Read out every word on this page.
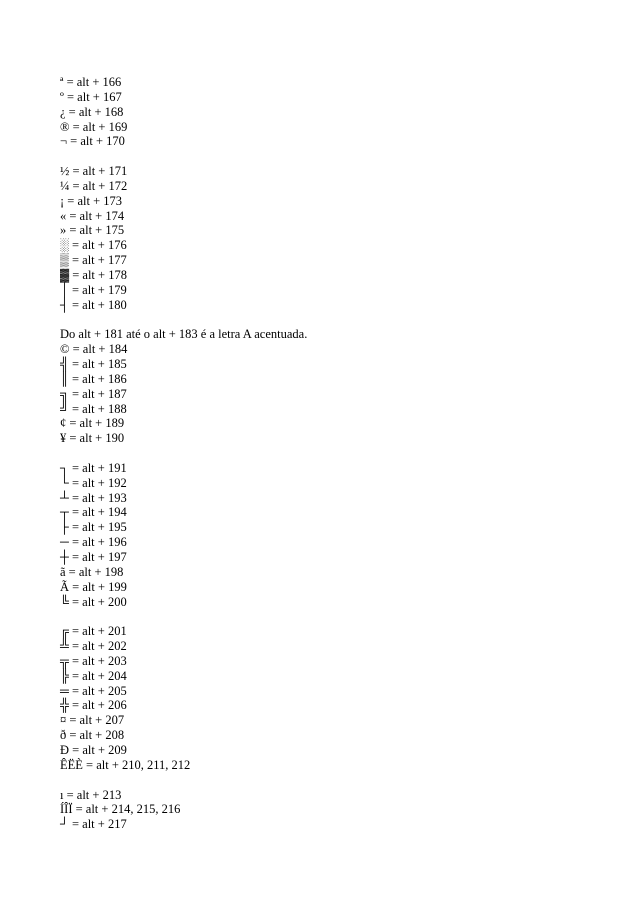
ª = alt + 166
º = alt + 167
¿ = alt + 168
® = alt + 169
¬ = alt + 170
½ = alt + 171
¼ = alt + 172
¡ = alt + 173
« = alt + 174
» = alt + 175
░ = alt + 176
▒ = alt + 177
▓ = alt + 178
│ = alt + 179
┤ = alt + 180
Do alt + 181 até o alt + 183 é a letra A acentuada.
© = alt + 184
╣ = alt + 185
║ = alt + 186
╗ = alt + 187
╝ = alt + 188
¢ = alt + 189
¥ = alt + 190
┐ = alt + 191
└ = alt + 192
┴ = alt + 193
┬ = alt + 194
├ = alt + 195
─ = alt + 196
┼ = alt + 197
ã = alt + 198
Ã = alt + 199
╚ = alt + 200
╔ = alt + 201
╩ = alt + 202
╦ = alt + 203
╠ = alt + 204
═ = alt + 205
╬ = alt + 206
¤ = alt + 207
ð = alt + 208
Ð = alt + 209
ÊËÈ = alt + 210, 211, 212
ı = alt + 213
ÍÎÏ = alt + 214, 215, 216
┘ = alt + 217
